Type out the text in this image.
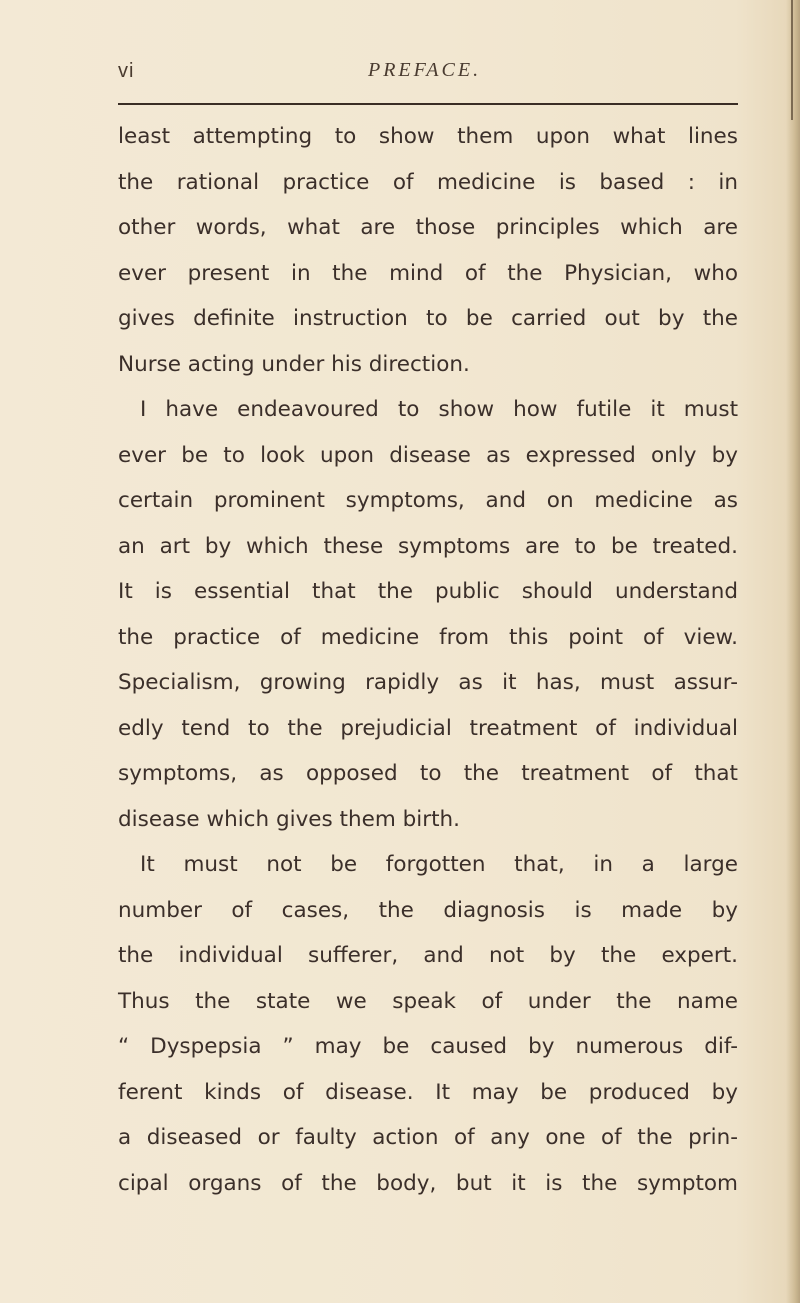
vi	PREFACE.
least attempting to show them upon what lines
the rational practice of medicine is based : in
other words, what are those principles which are
ever present in the mind of the Physician, who
gives definite instruction to be carried out by the
Nurse acting under his direction.
I have endeavoured to show how futile it must
ever be to look upon disease as expressed only by
certain prominent symptoms, and on medicine as
an art by which these symptoms are to be treated.
It is essential that the public should understand
the practice of medicine from this point of view.
Specialism, growing rapidly as it has, must assur-
edly tend to the prejudicial treatment of individual
symptoms, as opposed to the treatment of that
disease which gives them birth.
It must not be forgotten that, in a large
number of cases, the diagnosis is made by
the individual sufferer, and not by the expert.
Thus the state we speak of under the name
“ Dyspepsia ” may be caused by numerous dif-
ferent kinds of disease. It may be produced by
a diseased or faulty action of any one of the prin-
cipal organs of the body, but it is the symptom
